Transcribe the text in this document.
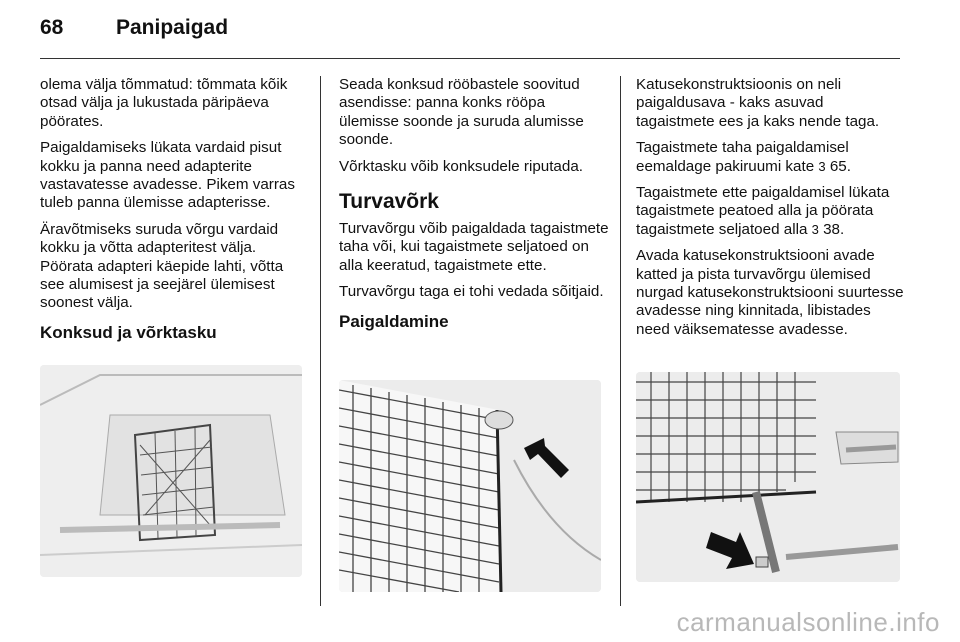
68	Panipaigad

olema välja tõmmatud: tõmmata kõik otsad välja ja lukustada päripäeva pöörates.

Paigaldamiseks lükata vardaid pisut kokku ja panna need adapterite vastavatesse avadesse. Pikem varras tuleb panna ülemisse adapterisse.

Äravõtmiseks suruda võrgu vardaid kokku ja võtta adapteritest välja. Pöörata adapteri käepide lahti, võtta see alumisest ja seejärel ülemisest soonest välja.

Konksud ja võrktasku

Seada konksud rööbastele soovitud asendisse: panna konks rööpa ülemisse soonde ja suruda alumisse soonde.

Võrktasku võib konksudele riputada.

Turvavõrk

Turvavõrgu võib paigaldada tagaistmete taha või, kui tagaistmete seljatoed on alla keeratud, tagaistmete ette.

Turvavõrgu taga ei tohi vedada sõitjaid.

Paigaldamine

Katusekonstruktsioonis on neli paigaldusava - kaks asuvad tagaistmete ees ja kaks nende taga.

Tagaistmete taha paigaldamisel eemaldage pakiruumi kate 3 65.

Tagaistmete ette paigaldamisel lükata tagaistmete peatoed alla ja pöörata tagaistmete seljatoed alla 3 38.

Avada katusekonstruktsiooni avade katted ja pista turvavõrgu ülemised nurgad katusekonstruktsiooni suurtesse avadesse ning kinnitada, libistades need väiksematesse avadesse.

carmanualsonline.info
